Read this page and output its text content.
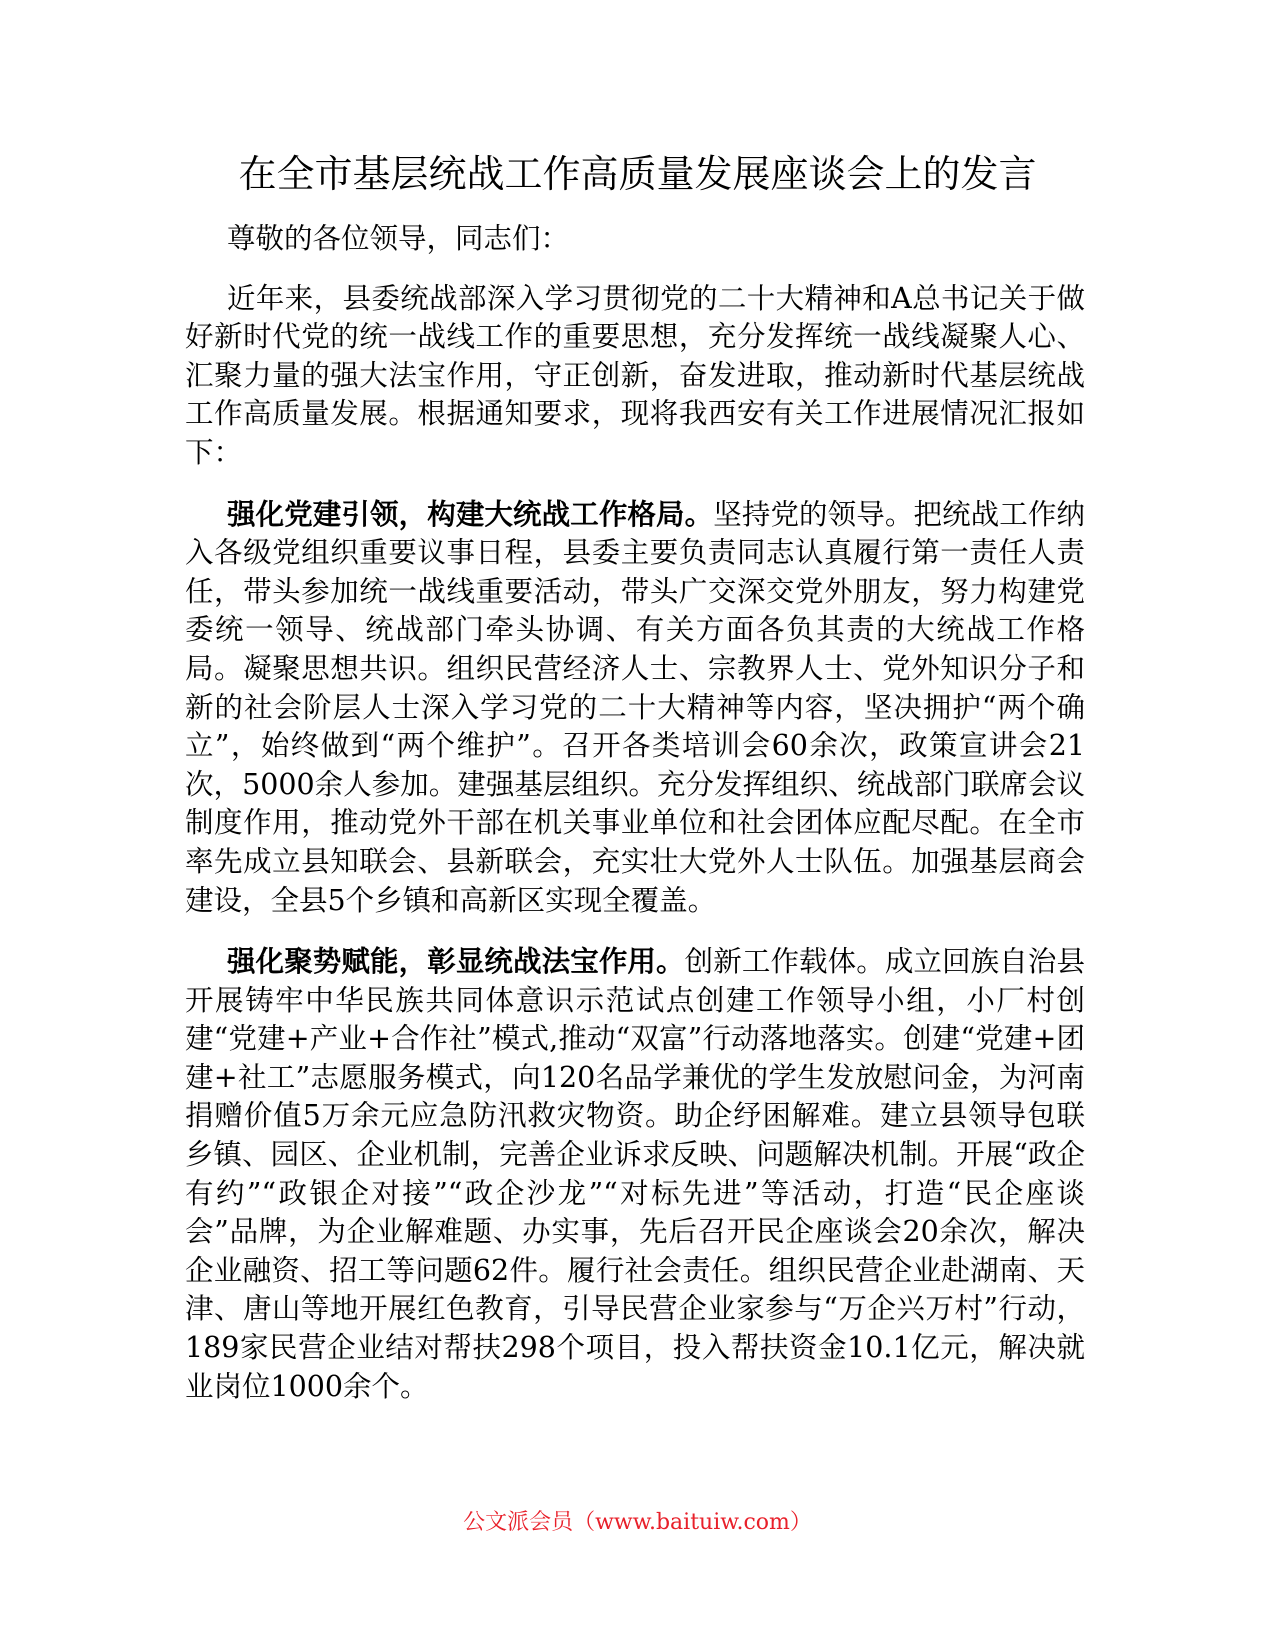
在全市基层统战工作高质量发展座谈会上的发言

尊敬的各位领导，同志们：

近年来，县委统战部深入学习贯彻党的二十大精神和A总书记关于做好新时代党的统一战线工作的重要思想，充分发挥统一战线凝聚人心、汇聚力量的强大法宝作用，守正创新，奋发进取，推动新时代基层统战工作高质量发展。根据通知要求，现将我西安有关工作进展情况汇报如下：

强化党建引领，构建大统战工作格局。坚持党的领导。把统战工作纳入各级党组织重要议事日程，县委主要负责同志认真履行第一责任人责任，带头参加统一战线重要活动，带头广交深交党外朋友，努力构建党委统一领导、统战部门牵头协调、有关方面各负其责的大统战工作格局。凝聚思想共识。组织民营经济人士、宗教界人士、党外知识分子和新的社会阶层人士深入学习党的二十大精神等内容，坚决拥护“两个确立”，始终做到“两个维护”。召开各类培训会60余次，政策宣讲会21次，5000余人参加。建强基层组织。充分发挥组织、统战部门联席会议制度作用，推动党外干部在机关事业单位和社会团体应配尽配。在全市率先成立县知联会、县新联会，充实壮大党外人士队伍。加强基层商会建设，全县5个乡镇和高新区实现全覆盖。

强化聚势赋能，彰显统战法宝作用。创新工作载体。成立回族自治县开展铸牢中华民族共同体意识示范试点创建工作领导小组，小厂村创建“党建+产业+合作社”模式,推动“双富”行动落地落实。创建“党建+团建+社工”志愿服务模式，向120名品学兼优的学生发放慰问金，为河南捐赠价值5万余元应急防汛救灾物资。助企纾困解难。建立县领导包联乡镇、园区、企业机制，完善企业诉求反映、问题解决机制。开展“政企有约”“政银企对接”“政企沙龙”“对标先进”等活动，打造“民企座谈会”品牌，为企业解难题、办实事，先后召开民企座谈会20余次，解决企业融资、招工等问题62件。履行社会责任。组织民营企业赴湖南、天津、唐山等地开展红色教育，引导民营企业家参与“万企兴万村”行动，189家民营企业结对帮扶298个项目，投入帮扶资金10.1亿元，解决就业岗位1000余个。

公文派会员（www.baituiw.com）
